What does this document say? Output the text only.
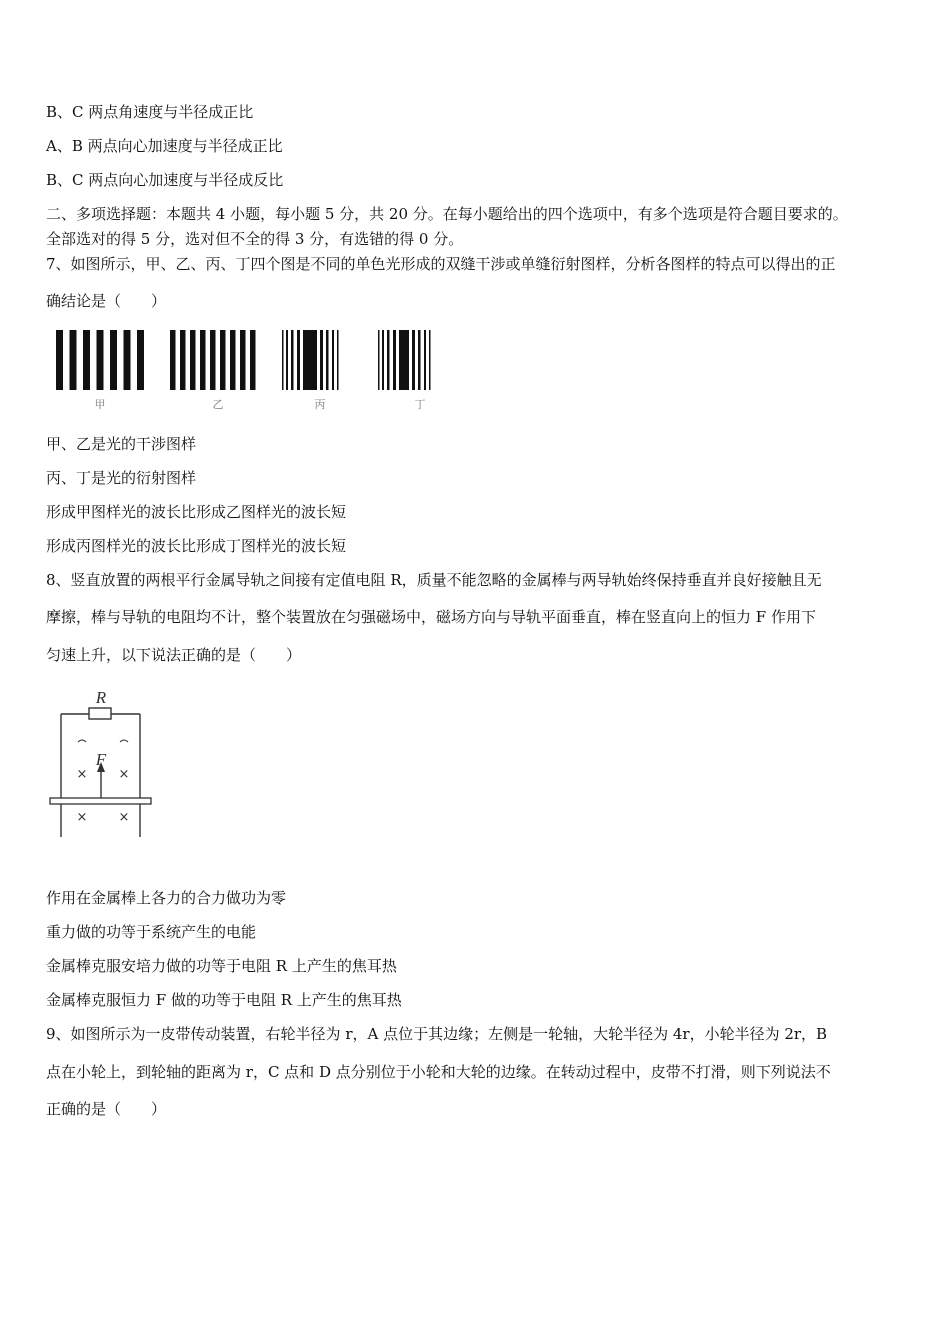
B、C 两点角速度与半径成正比
A、B 两点向心加速度与半径成正比
B、C 两点向心加速度与半径成反比
二、多项选择题：本题共 4 小题，每小题 5 分，共 20 分。在每小题给出的四个选项中，有多个选项是符合题目要求的。
全部选对的得 5 分，选对但不全的得 3 分，有选错的得 0 分。
7、如图所示，甲、乙、丙、丁四个图是不同的单色光形成的双缝干涉或单缝衍射图样，分析各图样的特点可以得出的正
确结论是（　　）
甲	乙	丙	丁
甲、乙是光的干涉图样
丙、丁是光的衍射图样
形成甲图样光的波长比形成乙图样光的波长短
形成丙图样光的波长比形成丁图样光的波长短
8、竖直放置的两根平行金属导轨之间接有定值电阻 R，质量不能忽略的金属棒与两导轨始终保持垂直并良好接触且无
摩擦，棒与导轨的电阻均不计，整个装置放在匀强磁场中，磁场方向与导轨平面垂直，棒在竖直向上的恒力 F 作用下
匀速上升，以下说法正确的是（　　）
R
× ×
× ×
F
作用在金属棒上各力的合力做功为零
重力做的功等于系统产生的电能
金属棒克服安培力做的功等于电阻 R 上产生的焦耳热
金属棒克服恒力 F 做的功等于电阻 R 上产生的焦耳热
9、如图所示为一皮带传动装置，右轮半径为 r，A 点位于其边缘；左侧是一轮轴，大轮半径为 4r，小轮半径为 2r，B
点在小轮上，到轮轴的距离为 r，C 点和 D 点分别位于小轮和大轮的边缘。在转动过程中，皮带不打滑，则下列说法不
正确的是（　　）
